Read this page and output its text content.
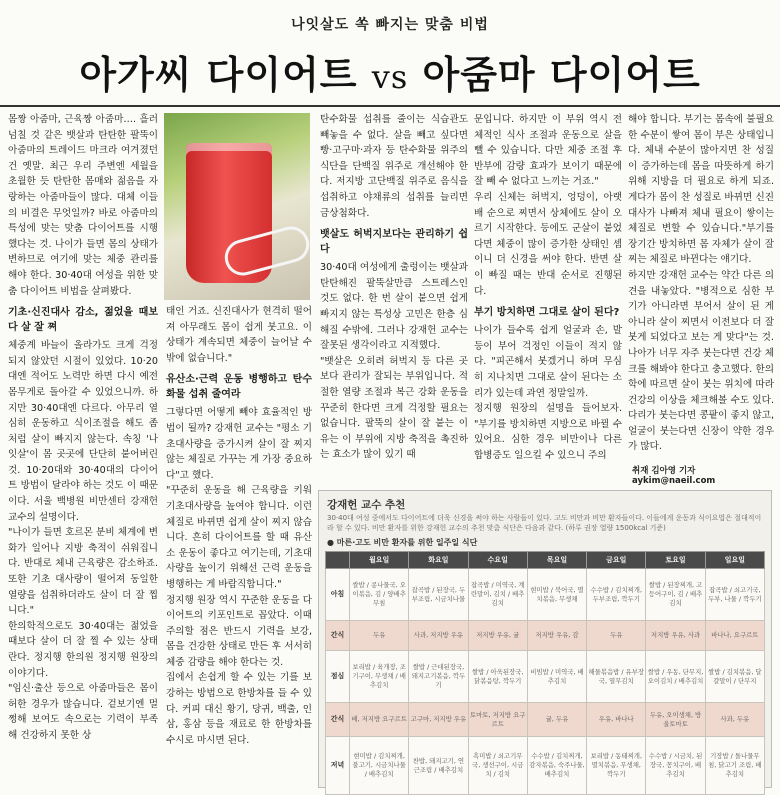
나잇살도 쏙 빠지는 맞춤 비법
아가씨 다이어트 vs 아줌마 다이어트

몸짱 아줌마, 근육짱 아줌마…. 흘러넘칠 것 같은 뱃살과 탄탄한 팔뚝이 아줌마의 트레이드 마크라 여겨졌던 건 옛말. 최근 우리 주변엔 세월을 초월한 듯 탄탄한 몸매와 젊음을 자랑하는 아줌마들이 많다. 대체 이들의 비결은 무엇일까? 바로 아줌마의 특성에 맞는 맞춤 다이어트를 시행했다는 것. 나이가 들면 몸의 상태가 변하므로 여기에 맞는 체중 관리를 해야 한다. 30·40대 여성을 위한 맞춤 다이어트 비법을 살펴봤다.

기초·신진대사 감소, 젊었을 때보다 살 잘 쪄

체중계 바늘이 올라가도 크게 걱정되지 않았던 시절이 있었다. 10·20대엔 적어도 노력만 하면 다시 예전 몸무게로 돌아갈 수 있었으니까. 하지만 30·40대엔 다르다. 아무리 열심히 운동하고 식이조절을 해도 좀처럼 살이 빠지지 않는다. 속칭 '나잇살'이 몸 곳곳에 단단히 붙어버린 것. 10·20대와 30·40대의 다이어트 방법이 달라야 하는 것도 이 때문이다. 서울 백병원 비만센터 강재헌 교수의 설명이다.

"나이가 들면 호르몬 분비 체계에 변화가 일어나 지방 축적이 쉬워집니다. 반대로 체내 근육량은 감소하죠. 또한 기초 대사량이 떨어져 동일한 열량을 섭취하더라도 살이 더 잘 찝니다."

한의학적으로도 30·40대는 젊었을 때보다 살이 더 잘 찔 수 있는 상태란다. 정지행 한의원 정지행 원장의 이야기다.

"임신·출산 등으로 아줌마들은 몸이 허한 경우가 많습니다. 겉보기엔 멀쩡해 보여도 속으로는 기력이 부족해 건강하지 못한 상

태인 거죠. 신진대사가 현격히 떨어져 아무래도 몸이 쉽게 붓고요. 이 상태가 계속되면 체중이 늘어날 수밖에 없습니다."

유산소·근력 운동 병행하고 탄수화물 섭취 줄여라

그렇다면 어떻게 빼야 효율적인 방법이 될까? 강재헌 교수는 "평소 기초대사량을 증가시켜 살이 잘 찌지 않는 체질로 가꾸는 게 가장 중요하다"고 했다.

"꾸준히 운동을 해 근육량을 키워 기초대사량을 높여야 합니다. 이런 체질로 바뀌면 쉽게 살이 찌지 않습니다. 흔히 다이어트를 할 때 유산소 운동이 좋다고 여기는데, 기초대사량을 높이기 위해선 근력 운동을 병행하는 게 바람직합니다."

정지행 원장 역시 꾸준한 운동을 다이어트의 키포인트로 꼽았다. 이때 주의할 점은 반드시 기력을 보강, 몸을 건강한 상태로 만든 후 서서히 체중 감량을 해야 한다는 것.

집에서 손쉽게 할 수 있는 기를 보강하는 방법으로 한방차를 들 수 있다. 커피 대신 황기, 당귀, 백출, 인삼, 홍삼 등을 재료로 한 한방차를 수시로 마시면 된다.

탄수화물 섭취를 줄이는 식습관도 빼놓을 수 없다. 살을 빼고 싶다면 빵·고구마·과자 등 탄수화물 위주의 식단을 단백질 위주로 개선해야 한다. 저지방 고단백질 위주로 음식을 섭취하고 야채류의 섭취를 늘리면 금상첨화다.

뱃살도 허벅지보다는 관리하기 쉽다

30·40대 여성에게 출렁이는 뱃살과 탄탄해진 팔뚝살만큼 스트레스인 것도 없다. 한 번 살이 붙으면 쉽게 빠지지 않는 특성상 고민은 한층 심해질 수밖에. 그러나 강재헌 교수는 잘못된 생각이라고 지적했다.

"뱃살은 오히려 허벅지 등 다른 곳보다 관리가 잘되는 부위입니다. 적절한 열량 조절과 복근 강화 운동을 꾸준히 한다면 크게 걱정할 필요는 없습니다. 팔뚝의 살이 잘 붙는 이유는 이 부위에 지방 축적을 촉진하는 효소가 많이 있기 때

문입니다. 하지만 이 부위 역시 전체적인 식사 조절과 운동으로 살을 뺄 수 있습니다. 다만 체중 조절 후반부에 감량 효과가 보이기 때문에 잘 빼 수 없다고 느끼는 거죠."

우리 신체는 허벅지, 엉덩이, 아랫배 순으로 찌면서 상체에도 살이 오르기 시작한다. 등에도 군살이 붙었다면 체중이 많이 증가한 상태인 셈이니 더 신경을 써야 한다. 반면 살이 빠질 때는 반대 순서로 진행된다.

부기 방치하면 그대로 살이 된다?

나이가 들수록 쉽게 얼굴과 손, 발 등이 부어 걱정인 이들이 적지 않다. "피곤해서 붓겠거니 하며 무심히 지나치면 그대로 살이 된다는 소리가 있는데 과연 정말일까.

정지행 원장의 설명을 들어보자. "부기를 방치하면 지방으로 바뀔 수 있어요. 심한 경우 비만이나 다른 합병증도 일으킬 수 있으니 주의

해야 합니다. 부기는 몸속에 불필요한 수분이 쌓여 몸이 부은 상태입니다. 체내 수분이 많아지면 찬 성질이 증가하는데 몸을 따뜻하게 하기 위해 지방을 더 필요로 하게 되죠. 게다가 몸이 찬 성질로 바뀌면 신진대사가 나빠져 체내 필요이 쌓이는 체질로 변할 수 있습니다."부기를 장기간 방치하면 몸 자체가 살이 잘 찌는 체질로 바뀐다는 얘기다.

하지만 강재헌 교수는 약간 다른 의견을 내놓았다. "병적으로 심한 부기가 아니라면 부어서 살이 된 게 아니라 살이 찌면서 이전보다 더 잘 붓게 되었다고 보는 게 맞다"는 것. 나아가 너무 자주 붓는다면 건강 체크를 해봐야 한다고 충고했다. 한의학에 따르면 살이 붓는 위치에 따라 건강의 이상을 체크해볼 수도 있다. 다리가 붓는다면 콩팥이 좋지 않고, 얼굴이 붓는다면 신장이 약한 경우가 많다.

취재 김아영 기자 aykim@naeil.com
강재헌 교수 추천
30·40대 여성 중에서도 다이어트에 더욱 신경을 써야 하는 사람들이 있다. 고도 비만과 비만 환자들이다. 이들에게 운동과 식이요법은 절대적이라 할 수 있다. 비만 환자를 위한 강재헌 교수의 추천 맞춤 식단은 다음과 같다. (하루 권장 열량 1500kcal 기준)
● 마른·고도 비만 환자를 위한 일주일 식단
	월요일	화요일	수요일	목요일	금요일	토요일	일요일
아침	쌀밥 / 콩나물국, 오이볶음, 김 / 양배추무침	잡곡밥 / 된장국, 두부조림, 시금치나물	잡곡밥 / 미역국, 계란말이, 김치 / 배추김치	현미밥 / 북어국, 멸치볶음, 무생채	수수밥 / 김치찌개, 두부조림, 깍두기	쌀밥 / 된장찌개, 고등어구이, 김 / 배추김치	잡곡밥 / 쇠고기국, 두부, 나물 / 깍두기
간식	두유	사과, 저지방 우유	저지방 우유, 귤	저지방 우유, 감	두유	저지방 우유, 사과	바나나, 요구르트
점심	보리밥 / 육개장, 조기구이, 무생채 / 배추김치	쌀밥 / 근대된장국, 돼지고기볶음, 깍두기	쌀밥 / 아욱된장국, 닭볶음탕, 깍두기	비빔밥 / 미역국, 배추김치	해물볶음밥 / 유부장국, 열무김치	쌀밥 / 우동, 단무지, 오이김치 / 배추김치	쌀밥 / 김치볶음, 달걀말이 / 단무지
간식	배, 저지방 요구르트	고구마, 저지방 우유	토마토, 저지방 요구르트	귤, 두유	우유, 바나나	두유, 오이생채, 방울토마토	사과, 두유
저녁	현미밥 / 김치찌개, 불고기, 시금치나물 / 배추김치	찬밥, 돼지고기, 연근조림 / 배추김치	흑미밥 / 쇠고기무국, 생선구이, 시금치 / 김치	수수밥 / 김치찌개, 감자볶음, 숙주나물, 배추김치	보리밥 / 동태찌개, 멸치볶음, 무생채, 깍두기	수수밥 / 시금치, 된장국, 꽁치구이, 배추김치	기장밥 / 돌나물무침, 닭고기 조림, 배추김치
